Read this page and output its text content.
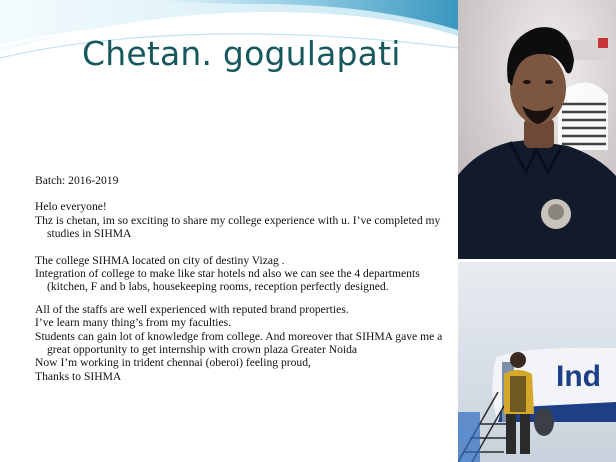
Chetan. gogulapati

Batch: 2016-2019

Helo everyone!

Thz is chetan, im so exciting to share my college experience with u. I’ve completed my studies in SIHMA

The college SIHMA located on city of destiny Vizag .

Integration of college to make like star hotels nd also we can see the 4 departments (kitchen, F and b labs, housekeeping rooms, reception perfectly designed.

All of the staffs are well experienced with reputed brand properties.

I’ve learn many thing’s from my faculties.

Students can gain lot of knowledge from college. And moreover that SIHMA gave me a great opportunity to get internship with crown plaza Greater Noida

Now I’m working in trident chennai (oberoi) feeling proud,

Thanks to SIHMA	Ind
